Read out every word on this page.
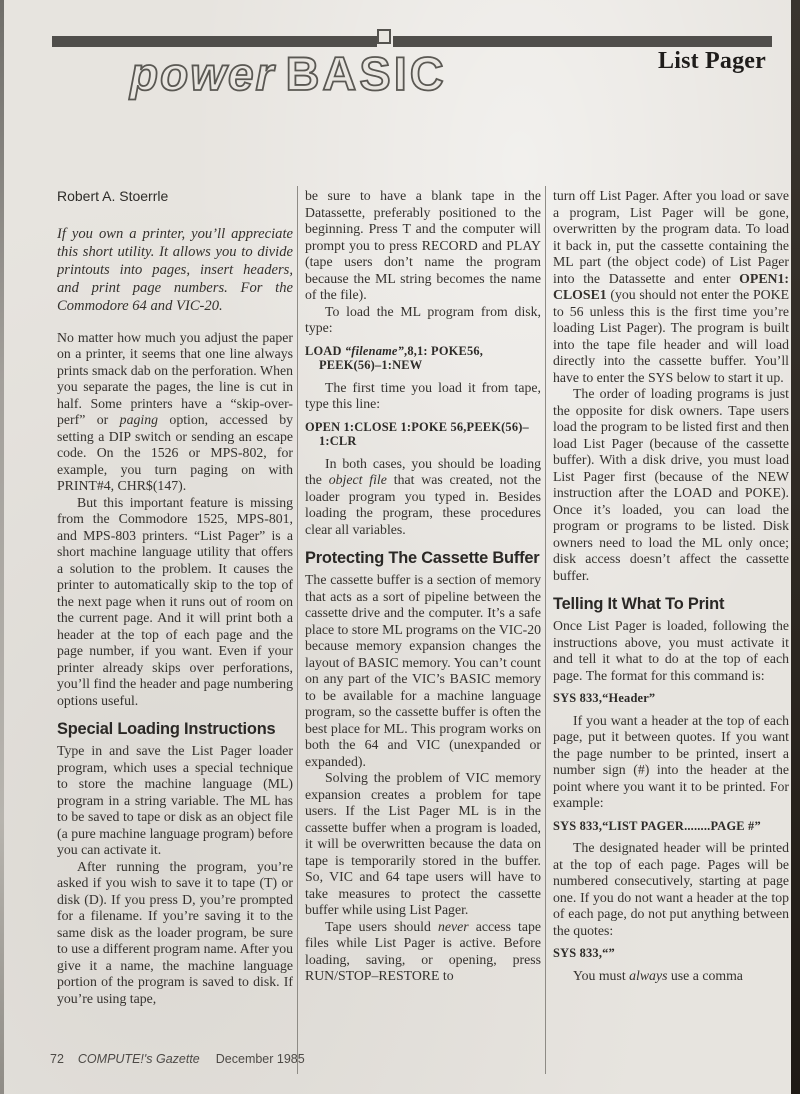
power BASIC	List Pager

Robert A. Stoerrle

If you own a printer, you’ll appreciate this short utility. It allows you to divide printouts into pages, insert headers, and print page numbers. For the Commodore 64 and VIC-20.

No matter how much you adjust the paper on a printer, it seems that one line always prints smack dab on the perforation. When you separate the pages, the line is cut in half. Some printers have a “skip-over-perf” or paging option, accessed by setting a DIP switch or sending an escape code. On the 1526 or MPS-802, for example, you turn paging on with PRINT#4, CHR$(147).

But this important feature is missing from the Commodore 1525, MPS-801, and MPS-803 printers. “List Pager” is a short machine language utility that offers a solution to the problem. It causes the printer to automatically skip to the top of the next page when it runs out of room on the current page. And it will print both a header at the top of each page and the page number, if you want. Even if your printer already skips over perforations, you’ll find the header and page numbering options useful.

Special Loading Instructions

Type in and save the List Pager loader program, which uses a special technique to store the machine language (ML) program in a string variable. The ML has to be saved to tape or disk as an object file (a pure machine language program) before you can activate it.

After running the program, you’re asked if you wish to save it to tape (T) or disk (D). If you press D, you’re prompted for a filename. If you’re saving it to the same disk as the loader program, be sure to use a different program name. After you give it a name, the machine language portion of the program is saved to disk. If you’re using tape,

be sure to have a blank tape in the Datassette, preferably positioned to the beginning. Press T and the computer will prompt you to press RECORD and PLAY (tape users don’t name the program because the ML string becomes the name of the file).

To load the ML program from disk, type:

LOAD “filename”,8,1: POKE56, PEEK(56)–1:NEW

The first time you load it from tape, type this line:

OPEN 1:CLOSE 1:POKE 56,PEEK(56)–1:CLR

In both cases, you should be loading the object file that was created, not the loader program you typed in. Besides loading the program, these procedures clear all variables.

Protecting The Cassette Buffer

The cassette buffer is a section of memory that acts as a sort of pipeline between the cassette drive and the computer. It’s a safe place to store ML programs on the VIC-20 because memory expansion changes the layout of BASIC memory. You can’t count on any part of the VIC’s BASIC memory to be available for a machine language program, so the cassette buffer is often the best place for ML. This program works on both the 64 and VIC (unexpanded or expanded).

Solving the problem of VIC memory expansion creates a problem for tape users. If the List Pager ML is in the cassette buffer when a program is loaded, it will be overwritten because the data on tape is temporarily stored in the buffer. So, VIC and 64 tape users will have to take measures to protect the cassette buffer while using List Pager.

Tape users should never access tape files while List Pager is active. Before loading, saving, or opening, press RUN/STOP–RESTORE to

turn off List Pager. After you load or save a program, List Pager will be gone, overwritten by the program data. To load it back in, put the cassette containing the ML part (the object code) of List Pager into the Datassette and enter OPEN1: CLOSE1 (you should not enter the POKE to 56 unless this is the first time you’re loading List Pager). The program is built into the tape file header and will load directly into the cassette buffer. You’ll have to enter the SYS below to start it up.

The order of loading programs is just the opposite for disk owners. Tape users load the program to be listed first and then load List Pager (because of the cassette buffer). With a disk drive, you must load List Pager first (because of the NEW instruction after the LOAD and POKE). Once it’s loaded, you can load the program or programs to be listed. Disk owners need to load the ML only once; disk access doesn’t affect the cassette buffer.

Telling It What To Print

Once List Pager is loaded, following the instructions above, you must activate it and tell it what to do at the top of each page. The format for this command is:

SYS 833,“Header”

If you want a header at the top of each page, put it between quotes. If you want the page number to be printed, insert a number sign (#) into the header at the point where you want it to be printed. For example:

SYS 833,“LIST PAGER........PAGE #”

The designated header will be printed at the top of each page. Pages will be numbered consecutively, starting at page one. If you do not want a header at the top of each page, do not put anything between the quotes:

SYS 833,“”

You must always use a comma

72 COMPUTE!'s Gazette December 1985
